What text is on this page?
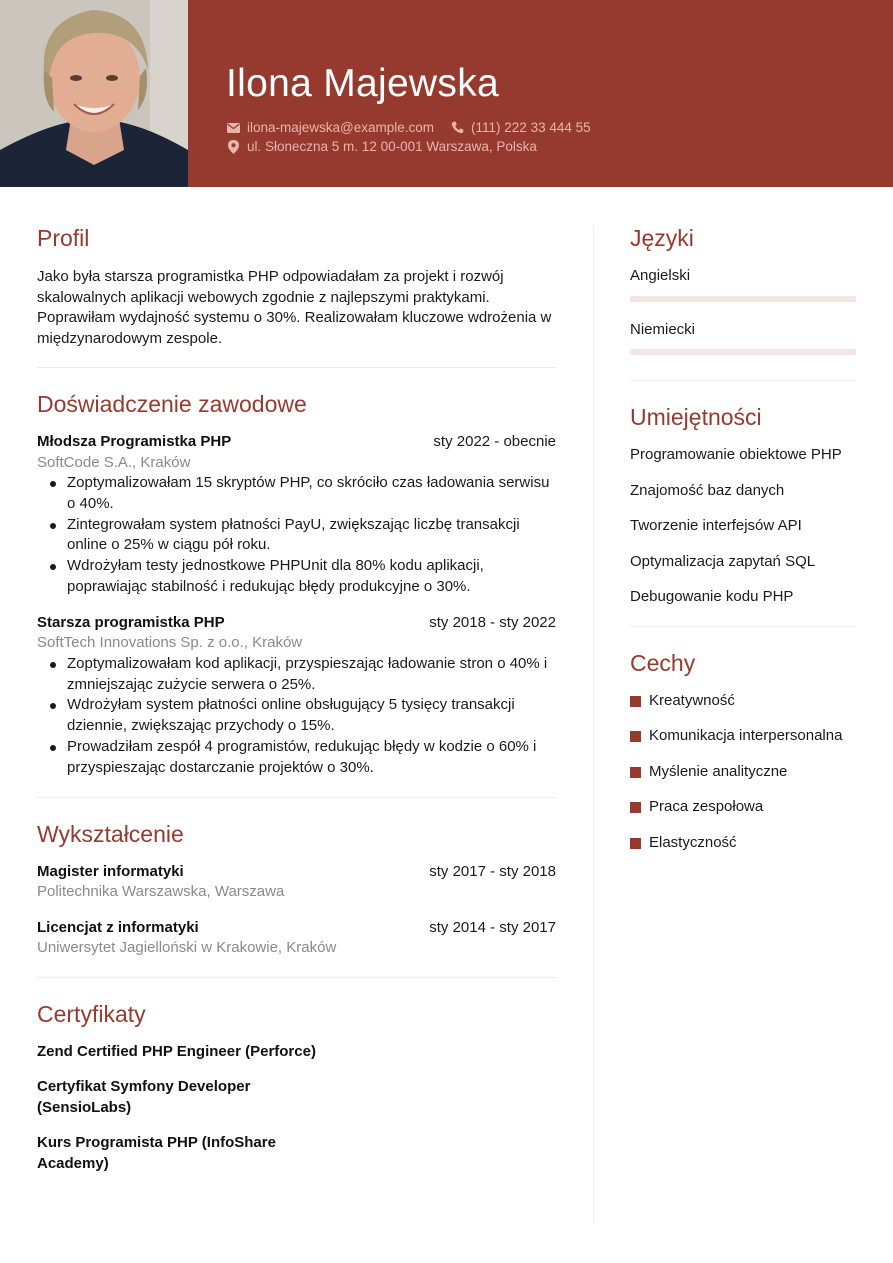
Ilona Majewska
ilona-majewska@example.com	(111) 222 33 444 55
ul. Słoneczna 5 m. 12 00-001 Warszawa, Polska
Profil

Jako była starsza programistka PHP odpowiadałam za projekt i rozwój skalowalnych aplikacji webowych zgodnie z najlepszymi praktykami. Poprawiłam wydajność systemu o 30%. Realizowałam kluczowe wdrożenia w międzynarodowym zespole.

Doświadczenie zawodowe
Młodsza Programistka PHP	sty 2022 - obecnie
SoftCode S.A., Kraków
Zoptymalizowałam 15 skryptów PHP, co skróciło czas ładowania serwisu o 40%.
Zintegrowałam system płatności PayU, zwiększając liczbę transakcji online o 25% w ciągu pół roku.
Wdrożyłam testy jednostkowe PHPUnit dla 80% kodu aplikacji, poprawiając stabilność i redukując błędy produkcyjne o 30%.
Starsza programistka PHP	sty 2018 - sty 2022
SoftTech Innovations Sp. z o.o., Kraków
Zoptymalizowałam kod aplikacji, przyspieszając ładowanie stron o 40% i zmniejszając zużycie serwera o 25%.
Wdrożyłam system płatności online obsługujący 5 tysięcy transakcji dziennie, zwiększając przychody o 15%.
Prowadziłam zespół 4 programistów, redukując błędy w kodzie o 60% i przyspieszając dostarczanie projektów o 30%.
Wykształcenie
Magister informatyki	sty 2017 - sty 2018
Politechnika Warszawska, Warszawa
Licencjat z informatyki	sty 2014 - sty 2017
Uniwersytet Jagielloński w Krakowie, Kraków
Certyfikaty
Zend Certified PHP Engineer (Perforce)
Certyfikat Symfony Developer (SensioLabs)
Kurs Programista PHP (InfoShare Academy)
Języki
Angielski
Niemiecki
Umiejętności
Programowanie obiektowe PHP
Znajomość baz danych
Tworzenie interfejsów API
Optymalizacja zapytań SQL
Debugowanie kodu PHP
Cechy
Kreatywność
Komunikacja interpersonalna
Myślenie analityczne
Praca zespołowa
Elastyczność
